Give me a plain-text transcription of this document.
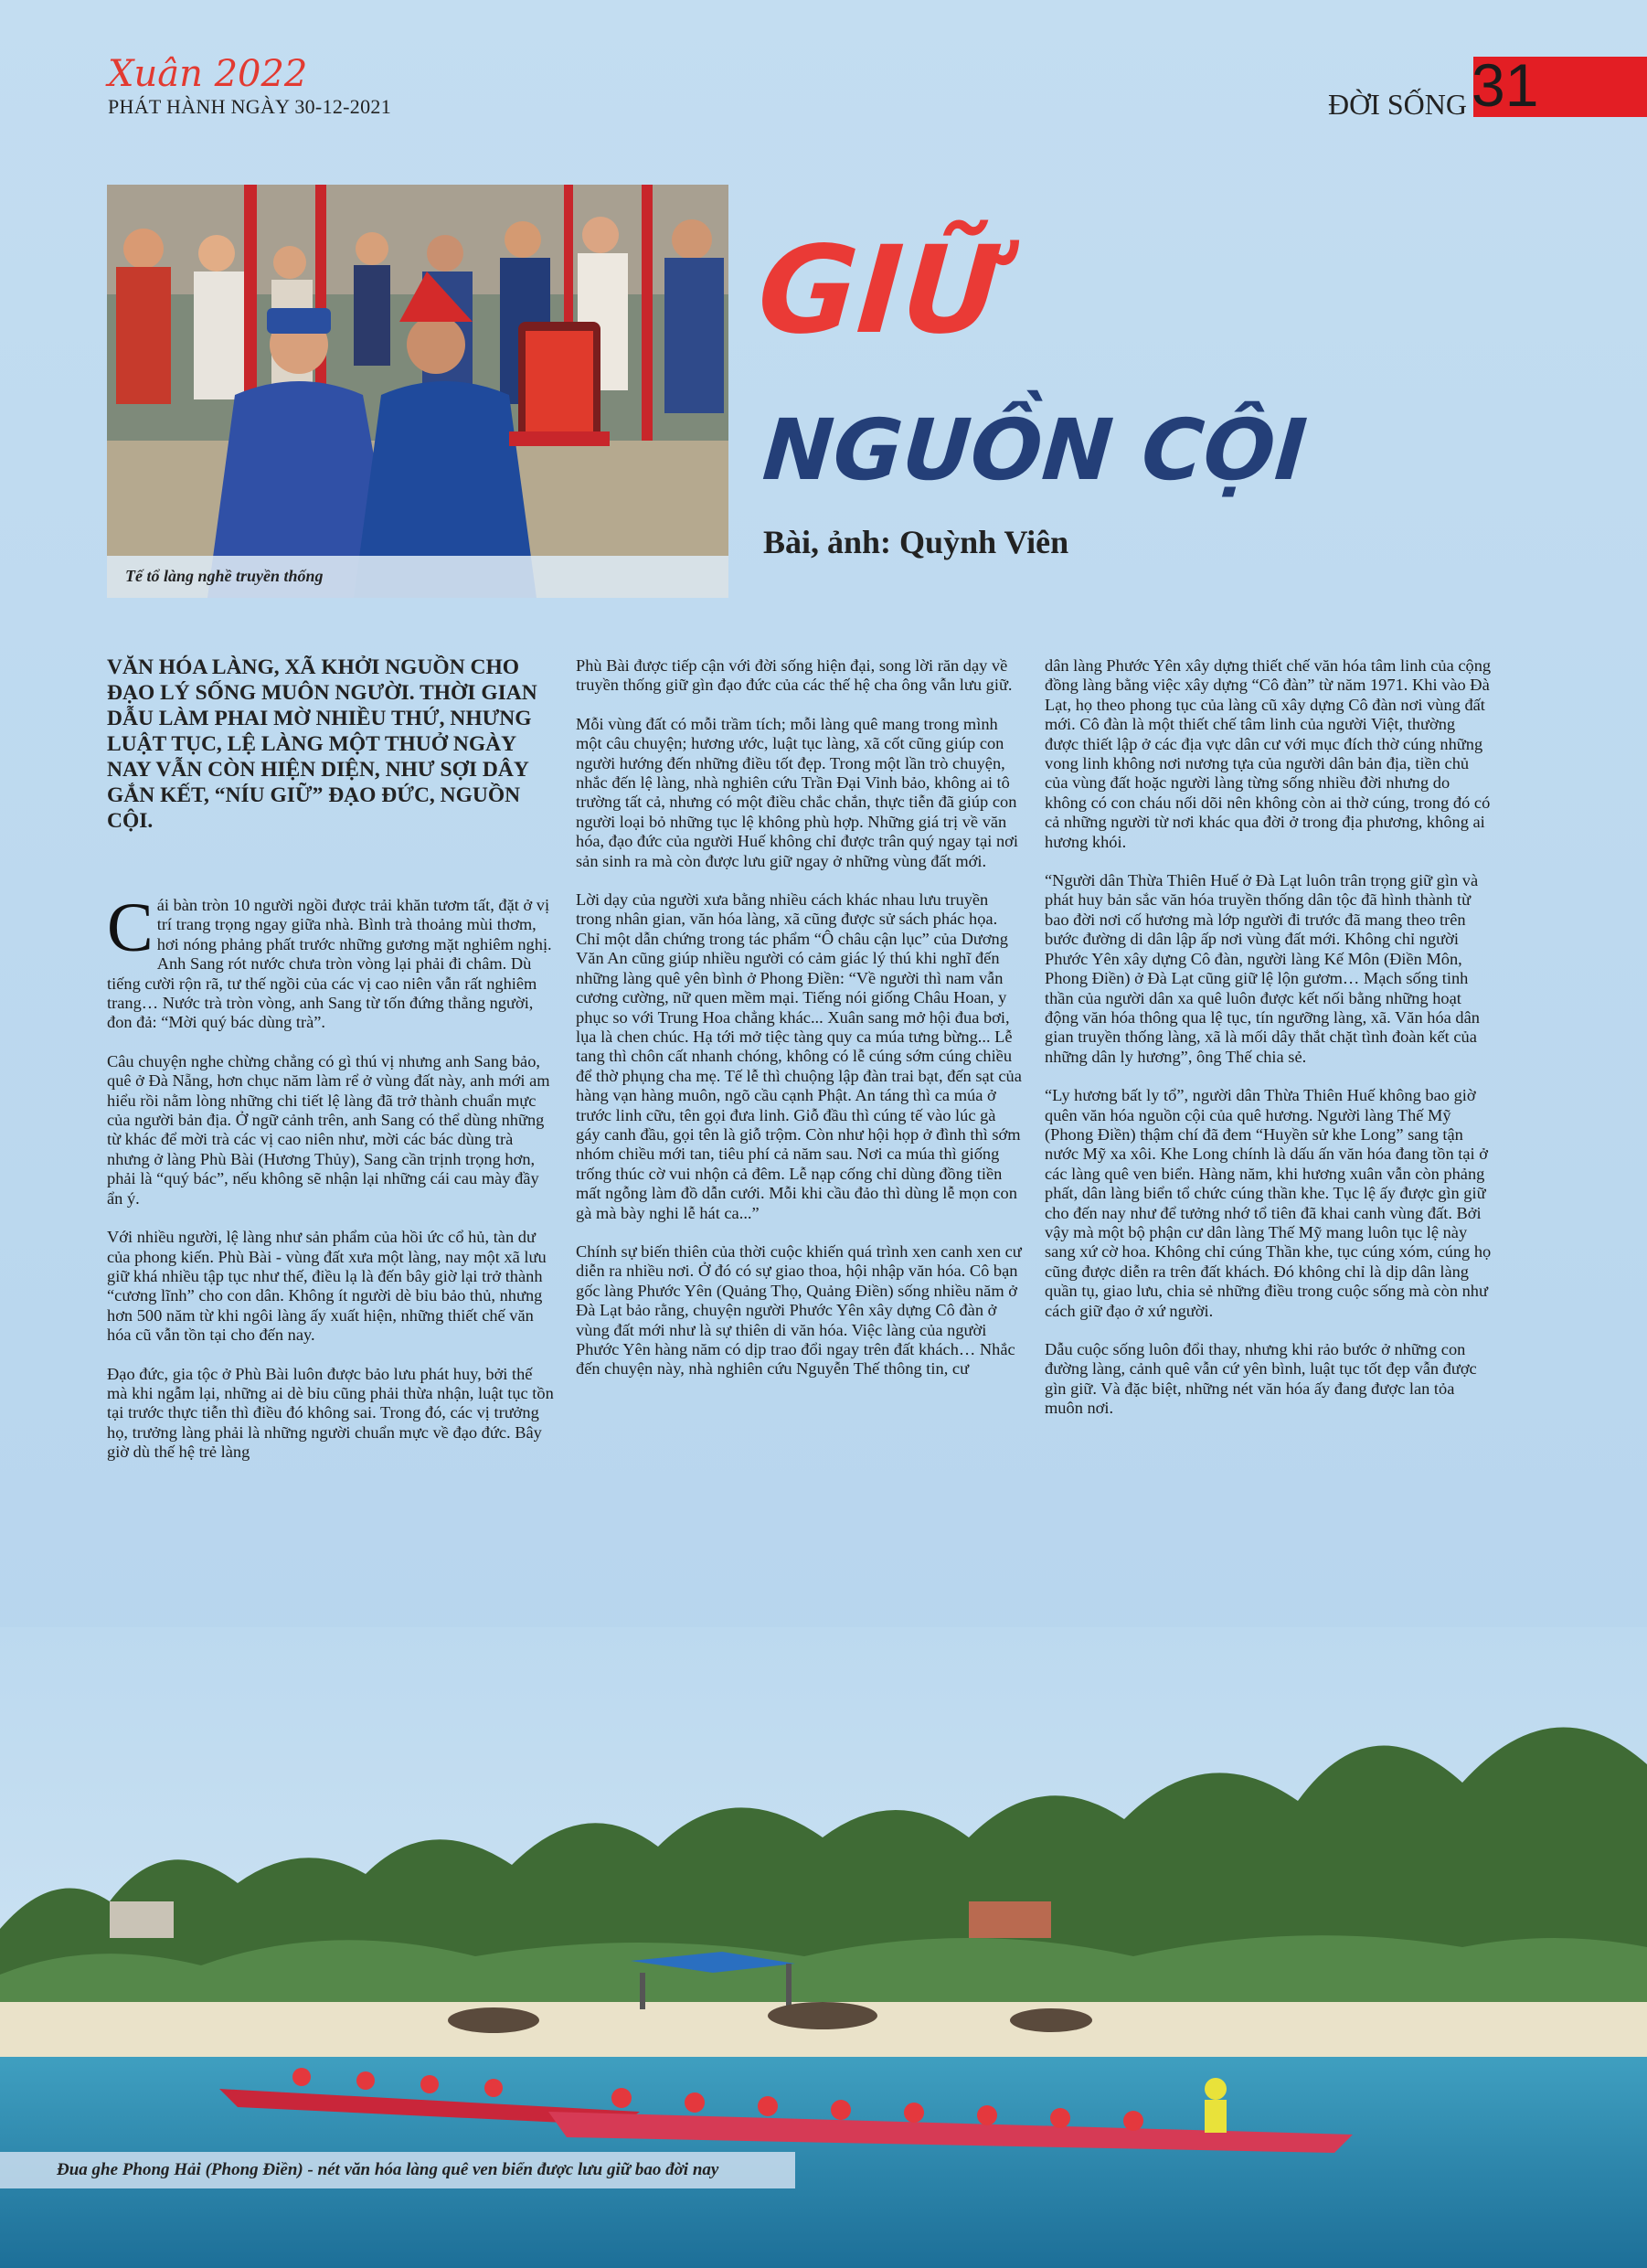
Xuân 2022
PHÁT HÀNH NGÀY 30-12-2021	ĐỜI SỐNG 31
Tế tổ làng nghề truyền thống
GIỮ
NGUỒN CỘI
Bài, ảnh: Quỳnh Viên
VĂN HÓA LÀNG, XÃ KHỞI NGUỒN CHO ĐẠO LÝ SỐNG MUÔN NGƯỜI. THỜI GIAN DẪU LÀM PHAI MỜ NHIỀU THỨ, NHƯNG LUẬT TỤC, LỆ LÀNG MỘT THUỞ NGÀY NAY VẪN CÒN HIỆN DIỆN, NHƯ SỢI DÂY GẮN KẾT, “NÍU GIỮ” ĐẠO ĐỨC, NGUỒN CỘI.

Cái bàn tròn 10 người ngồi được trải khăn tươm tất, đặt ở vị trí trang trọng ngay giữa nhà. Bình trà thoảng mùi thơm, hơi nóng phảng phất trước những gương mặt nghiêm nghị. Anh Sang rót nước chưa tròn vòng lại phải đi châm. Dù tiếng cười rộn rã, tư thế ngồi của các vị cao niên vẫn rất nghiêm trang… Nước trà tròn vòng, anh Sang từ tốn đứng thẳng người, đon đả: “Mời quý bác dùng trà”.

Câu chuyện nghe chừng chẳng có gì thú vị nhưng anh Sang bảo, quê ở Đà Nẵng, hơn chục năm làm rể ở vùng đất này, anh mới am hiểu rồi nằm lòng những chi tiết lệ làng đã trở thành chuẩn mực của người bản địa. Ở ngữ cảnh trên, anh Sang có thể dùng những từ khác để mời trà các vị cao niên như, mời các bác dùng trà nhưng ở làng Phù Bài (Hương Thủy), Sang cần trịnh trọng hơn, phải là “quý bác”, nếu không sẽ nhận lại những cái cau mày đầy ẩn ý.

Với nhiều người, lệ làng như sản phẩm của hồi ức cổ hủ, tàn dư của phong kiến. Phù Bài - vùng đất xưa một làng, nay một xã lưu giữ khá nhiều tập tục như thế, điều lạ là đến bây giờ lại trở thành “cương lĩnh” cho con dân. Không ít người dè bỉu bảo thủ, nhưng hơn 500 năm từ khi ngôi làng ấy xuất hiện, những thiết chế văn hóa cũ vẫn tồn tại cho đến nay.

Đạo đức, gia tộc ở Phù Bài luôn được bảo lưu phát huy, bởi thế mà khi ngẫm lại, những ai dè bỉu cũng phải thừa nhận, luật tục tồn tại trước thực tiễn thì điều đó không sai. Trong đó, các vị trưởng họ, trưởng làng phải là những người chuẩn mực về đạo đức. Bây giờ dù thế hệ trẻ làng

Phù Bài được tiếp cận với đời sống hiện đại, song lời răn dạy về truyền thống giữ gìn đạo đức của các thế hệ cha ông vẫn lưu giữ.

Mỗi vùng đất có mỗi trầm tích; mỗi làng quê mang trong mình một câu chuyện; hương ước, luật tục làng, xã cốt cũng giúp con người hướng đến những điều tốt đẹp. Trong một lần trò chuyện, nhắc đến lệ làng, nhà nghiên cứu Trần Đại Vinh bảo, không ai tô trường tất cả, nhưng có một điều chắc chắn, thực tiễn đã giúp con người loại bỏ những tục lệ không phù hợp. Những giá trị về văn hóa, đạo đức của người Huế không chỉ được trân quý ngay tại nơi sản sinh ra mà còn được lưu giữ ngay ở những vùng đất mới.

Lời dạy của người xưa bằng nhiều cách khác nhau lưu truyền trong nhân gian, văn hóa làng, xã cũng được sử sách phác họa. Chỉ một dẫn chứng trong tác phẩm “Ô châu cận lục” của Dương Văn An cũng giúp nhiều người có cảm giác lý thú khi nghĩ đến những làng quê yên bình ở Phong Điền: “Về người thì nam vẫn cương cường, nữ quen mềm mại. Tiếng nói giống Châu Hoan, y phục so với Trung Hoa chẳng khác... Xuân sang mở hội đua bơi, lụa là chen chúc. Hạ tới mở tiệc tàng quy ca múa tưng bừng... Lễ tang thì chôn cất nhanh chóng, không có lễ cúng sớm cúng chiều để thờ phụng cha mẹ. Tế lễ thì chuộng lập đàn trai bạt, đến sạt của hàng vạn hàng muôn, ngõ cầu cạnh Phật. An táng thì ca múa ở trước linh cữu, tên gọi đưa linh. Giỗ đầu thì cúng tế vào lúc gà gáy canh đầu, gọi tên là giỗ trộm. Còn như hội họp ở đình thì sớm nhóm chiều mới tan, tiêu phí cả năm sau. Nơi ca múa thì giống trống thúc cờ vui nhộn cả đêm. Lễ nạp cống chỉ dùng đồng tiền mất ngỗng làm đồ dẫn cưới. Mỗi khi cầu đảo thì dùng lễ mọn con gà mà bày nghi lễ hát ca...”

Chính sự biến thiên của thời cuộc khiến quá trình xen canh xen cư diễn ra nhiều nơi. Ở đó có sự giao thoa, hội nhập văn hóa. Cô bạn gốc làng Phước Yên (Quảng Thọ, Quảng Điền) sống nhiều năm ở Đà Lạt bảo rằng, chuyện người Phước Yên xây dựng Cô đàn ở vùng đất mới như là sự thiên di văn hóa. Việc làng của người Phước Yên hàng năm có dịp trao đổi ngay trên đất khách… Nhắc đến chuyện này, nhà nghiên cứu Nguyễn Thế thông tin, cư

dân làng Phước Yên xây dựng thiết chế văn hóa tâm linh của cộng đồng làng bằng việc xây dựng “Cô đàn” từ năm 1971. Khi vào Đà Lạt, họ theo phong tục của làng cũ xây dựng Cô đàn nơi vùng đất mới. Cô đàn là một thiết chế tâm linh của người Việt, thường được thiết lập ở các địa vực dân cư với mục đích thờ cúng những vong linh không nơi nương tựa của người dân bản địa, tiền chủ của vùng đất hoặc người làng từng sống nhiều đời nhưng do không có con cháu nối dõi nên không còn ai thờ cúng, trong đó có cả những người từ nơi khác qua đời ở trong địa phương, không ai hương khói.

“Người dân Thừa Thiên Huế ở Đà Lạt luôn trân trọng giữ gìn và phát huy bản sắc văn hóa truyền thống dân tộc đã hình thành từ bao đời nơi cố hương mà lớp người đi trước đã mang theo trên bước đường di dân lập ấp nơi vùng đất mới. Không chỉ người Phước Yên xây dựng Cô đàn, người làng Kế Môn (Điền Môn, Phong Điền) ở Đà Lạt cũng giữ lệ lộn gươm… Mạch sống tinh thần của người dân xa quê luôn được kết nối bằng những hoạt động văn hóa thông qua lệ tục, tín ngưỡng làng, xã. Văn hóa dân gian truyền thống làng, xã là mối dây thắt chặt tình đoàn kết của những dân ly hương”, ông Thế chia sẻ.

“Ly hương bất ly tổ”, người dân Thừa Thiên Huế không bao giờ quên văn hóa nguồn cội của quê hương. Người làng Thế Mỹ (Phong Điền) thậm chí đã đem “Huyền sử khe Long” sang tận nước Mỹ xa xôi. Khe Long chính là dấu ấn văn hóa đang tồn tại ở các làng quê ven biển. Hàng năm, khi hương xuân vẫn còn phảng phất, dân làng biển tổ chức cúng thần khe. Tục lệ ấy được gìn giữ cho đến nay như để tưởng nhớ tổ tiên đã khai canh vùng đất. Bởi vậy mà một bộ phận cư dân làng Thế Mỹ mang luôn tục lệ này sang xứ cờ hoa. Không chỉ cúng Thần khe, tục cúng xóm, cúng họ cũng được diễn ra trên đất khách. Đó không chỉ là dịp dân làng quần tụ, giao lưu, chia sẻ những điều trong cuộc sống mà còn như cách giữ đạo ở xứ người.

Dẫu cuộc sống luôn đổi thay, nhưng khi rảo bước ở những con đường làng, cảnh quê vẫn cứ yên bình, luật tục tốt đẹp vẫn được gìn giữ. Và đặc biệt, những nét văn hóa ấy đang được lan tỏa muôn nơi.

Đua ghe Phong Hải (Phong Điền) - nét văn hóa làng quê ven biển được lưu giữ bao đời nay
